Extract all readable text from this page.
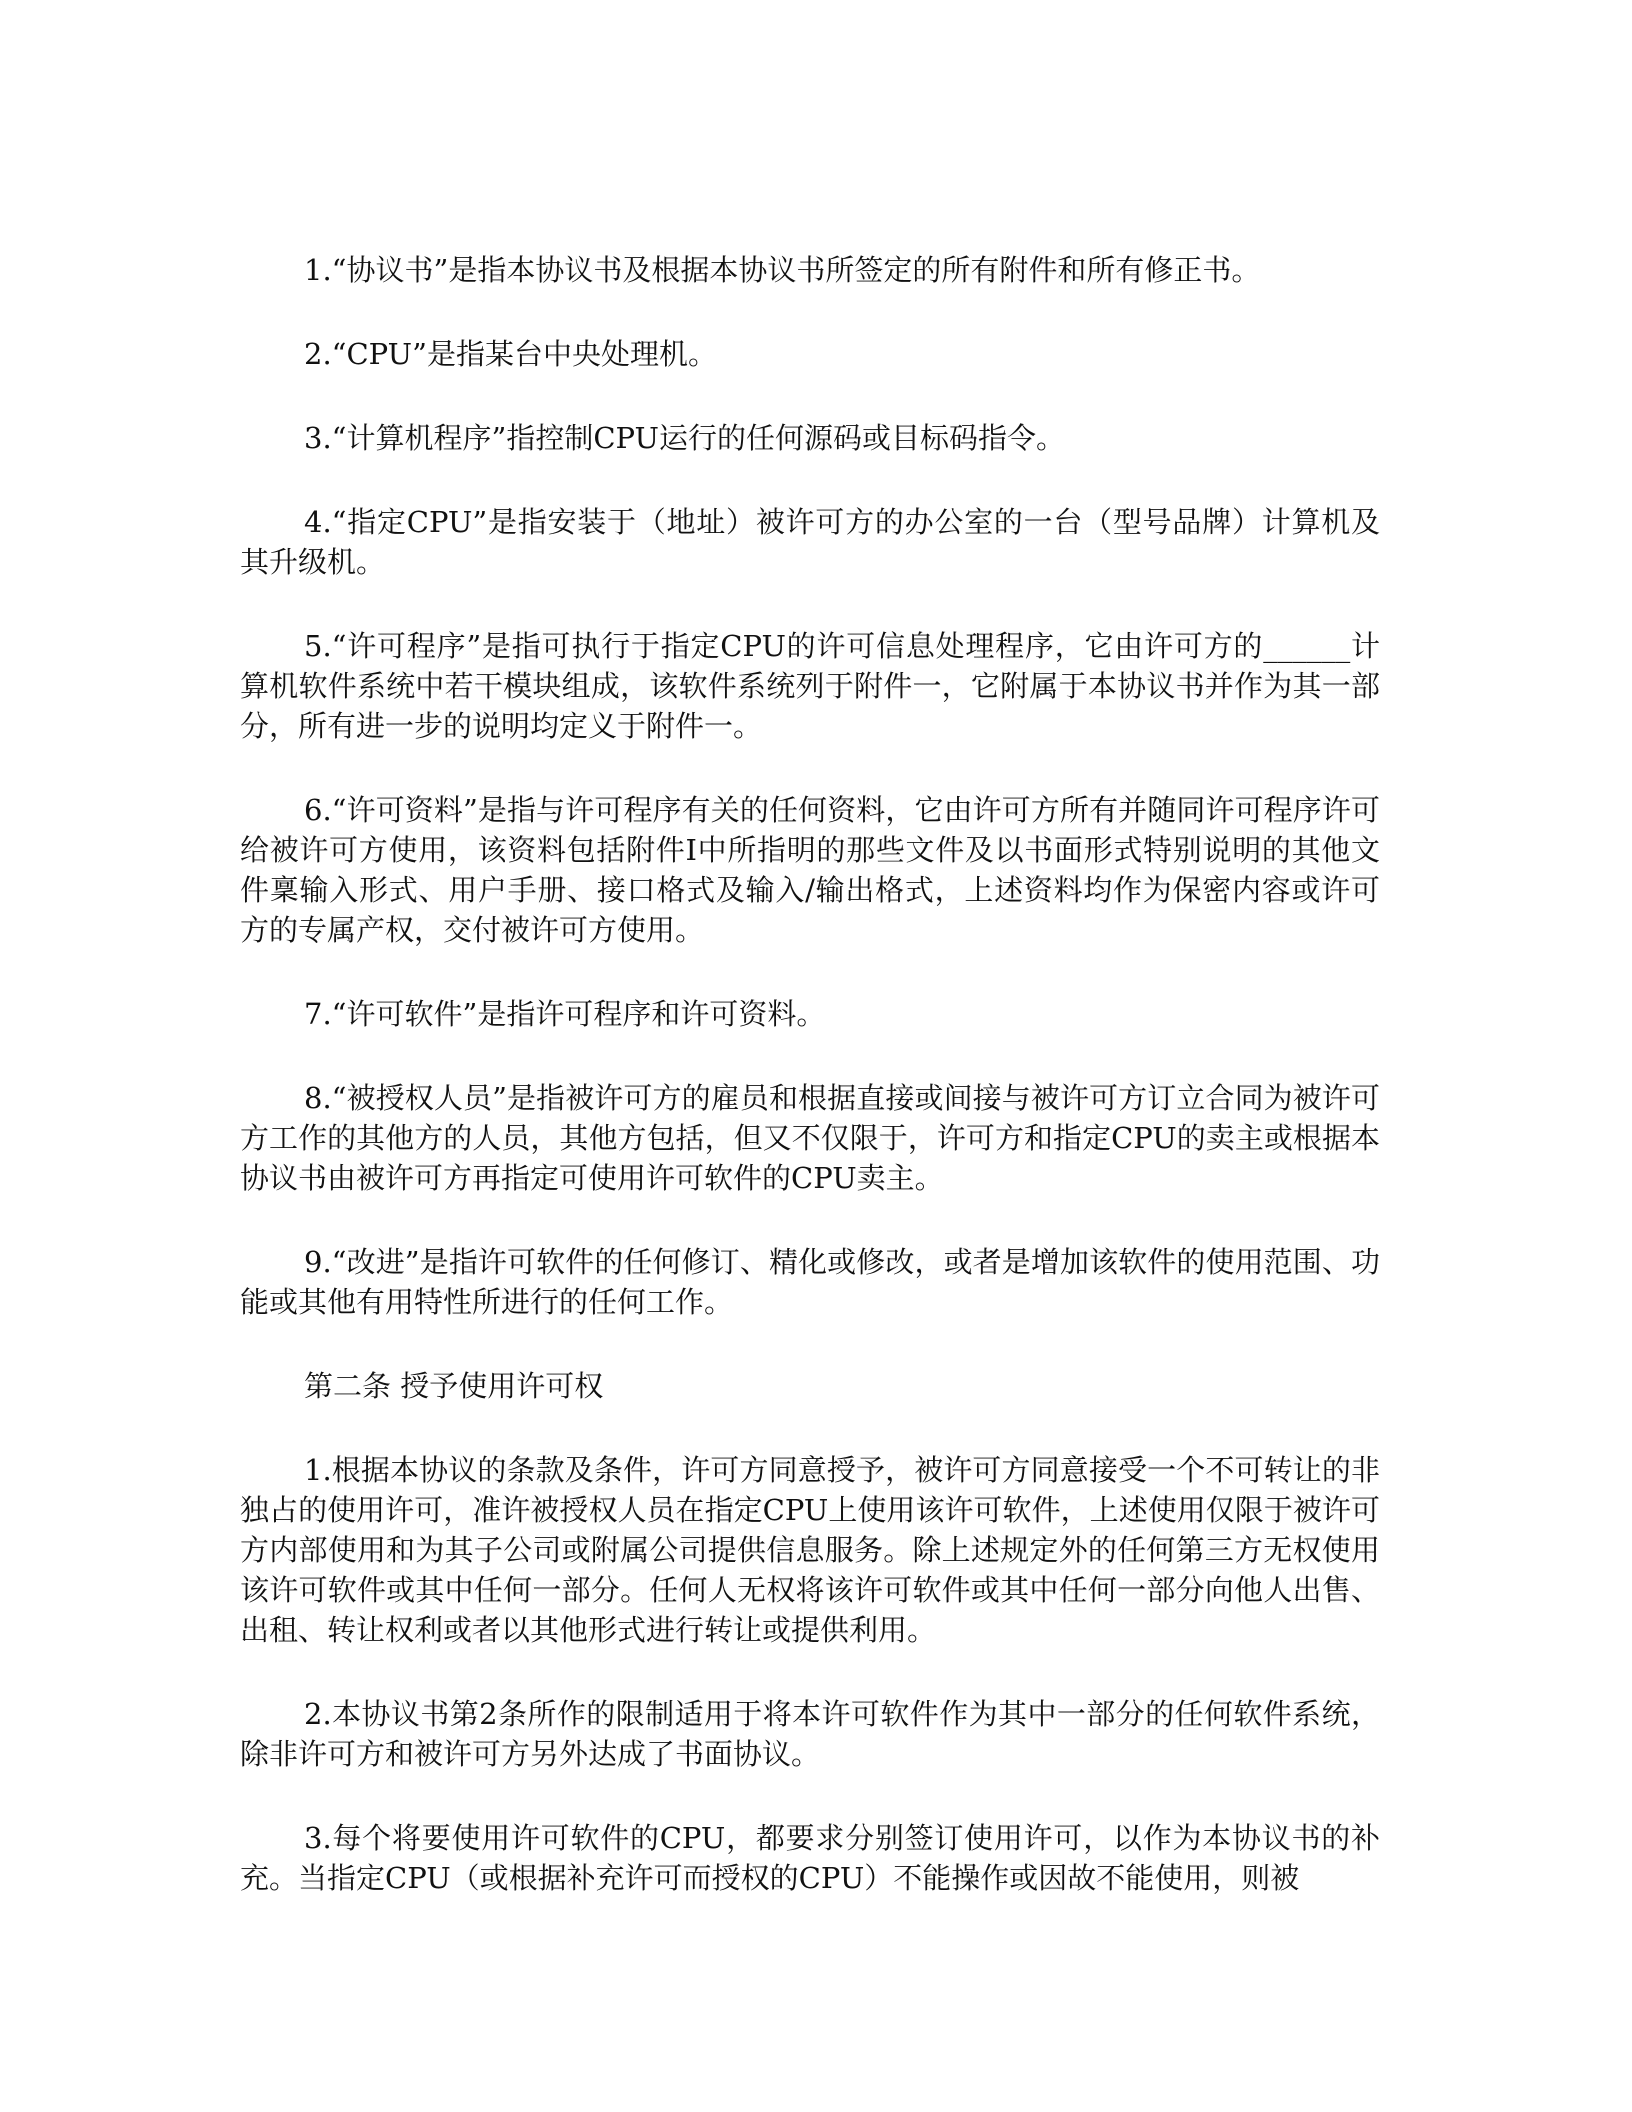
1.“协议书”是指本协议书及根据本协议书所签定的所有附件和所有修正书。

2.“CPU”是指某台中央处理机。

3.“计算机程序”指控制CPU运行的任何源码或目标码指令。

4.“指定CPU”是指安装于（地址）被许可方的办公室的一台（型号品牌）计算机及其升级机。

5.“许可程序”是指可执行于指定CPU的许可信息处理程序，它由许可方的______计算机软件系统中若干模块组成，该软件系统列于附件一，它附属于本协议书并作为其一部分，所有进一步的说明均定义于附件一。

6.“许可资料”是指与许可程序有关的任何资料，它由许可方所有并随同许可程序许可给被许可方使用，该资料包括附件I中所指明的那些文件及以书面形式特别说明的其他文件稟输入形式、用户手册、接口格式及输入/输出格式，上述资料均作为保密内容或许可方的专属产权，交付被许可方使用。

7.“许可软件”是指许可程序和许可资料。

8.“被授权人员”是指被许可方的雇员和根据直接或间接与被许可方订立合同为被许可方工作的其他方的人员，其他方包括，但又不仅限于，许可方和指定CPU的卖主或根据本协议书由被许可方再指定可使用许可软件的CPU卖主。

9.“改进”是指许可软件的任何修订、精化或修改，或者是增加该软件的使用范围、功能或其他有用特性所进行的任何工作。

第二条 授予使用许可权

1.根据本协议的条款及条件，许可方同意授予，被许可方同意接受一个不可转让的非独占的使用许可，准许被授权人员在指定CPU上使用该许可软件，上述使用仅限于被许可方内部使用和为其子公司或附属公司提供信息服务。除上述规定外的任何第三方无权使用该许可软件或其中任何一部分。任何人无权将该许可软件或其中任何一部分向他人出售、出租、转让权利或者以其他形式进行转让或提供利用。

2.本协议书第2条所作的限制适用于将本许可软件作为其中一部分的任何软件系统，除非许可方和被许可方另外达成了书面协议。

3.每个将要使用许可软件的CPU，都要求分别签订使用许可，以作为本协议书的补充。当指定CPU（或根据补充许可而授权的CPU）不能操作或因故不能使用，则被
